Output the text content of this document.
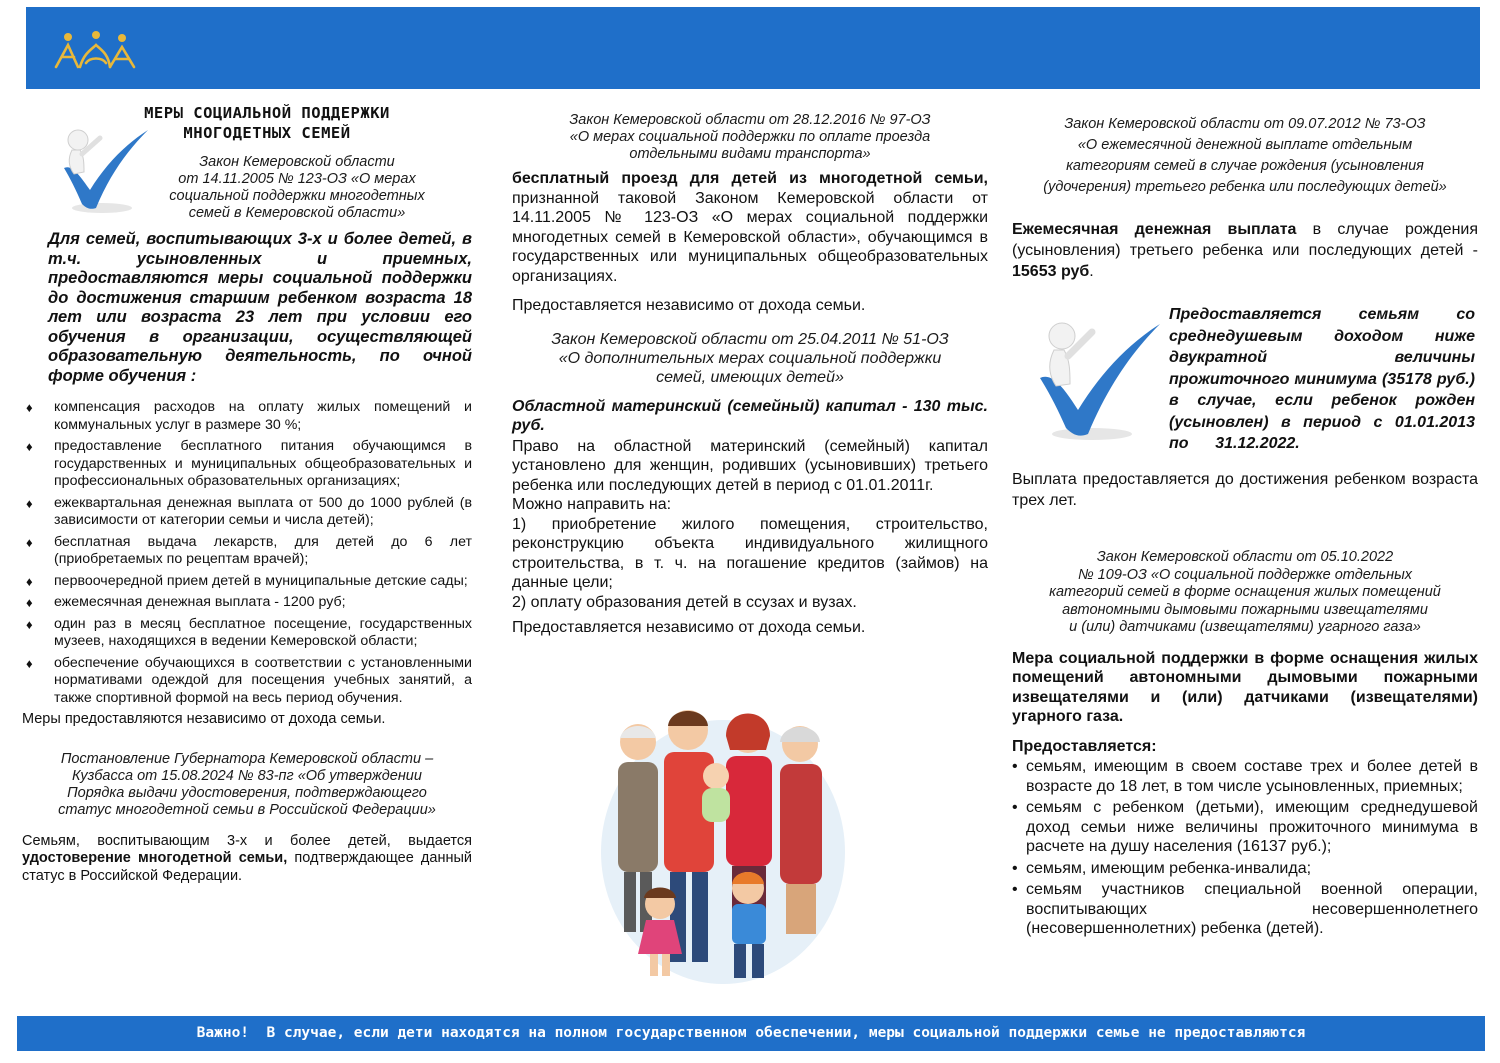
МЕРЫ СОЦИАЛЬНОЙ ПОДДЕРЖКИ
МНОГОДЕТНЫХ СЕМЕЙ
Закон Кемеровской области
от 14.11.2005 № 123-ОЗ «О мерах
социальной поддержки многодетных
семей в Кемеровской области»

Для семей, воспитывающих 3-х и более детей, в т.ч. усыновленных и приемных, предоставляются меры социальной поддержки до достижения старшим ребенком возраста 18 лет или возраста 23 лет при условии его обучения в организации, осуществляющей образовательную деятельность, по очной форме обучения :

♦ компенсация расходов на оплату жилых помещений и коммунальных услуг в размере 30 %;
♦ предоставление бесплатного питания обучающимся в государственных и муниципальных общеобразовательных и профессиональных образовательных организациях;
♦ ежеквартальная денежная выплата от 500 до 1000 рублей (в зависимости от категории семьи и числа детей);
♦ бесплатная выдача лекарств, для детей до 6 лет (приобретаемых по рецептам врачей);
♦ первоочередной прием детей в муниципальные детские сады;
♦ ежемесячная денежная выплата - 1200 руб;
♦ один раз в месяц бесплатное посещение, государственных музеев, находящихся в ведении Кемеровской области;
♦ обеспечение обучающихся в соответствии с установленными нормативами одеждой для посещения учебных занятий, а также спортивной формой на весь период обучения.

Меры предоставляются независимо от дохода семьи.

Постановление Губернатора Кемеровской области –
Кузбасса от 15.08.2024 № 83-пг «Об утверждении
Порядка выдачи удостоверения, подтверждающего
статус многодетной семьи в Российской Федерации»

Семьям, воспитывающим 3-х и более детей, выдается удостоверение многодетной семьи, подтверждающее данный статус в Российской Федерации.

Закон Кемеровской области от 28.12.2016 № 97-ОЗ
«О мерах социальной поддержки по оплате проезда
отдельными видами транспорта»

бесплатный проезд для детей из многодетной семьи, признанной таковой Законом Кемеровской области от 14.11.2005 № 123-ОЗ «О мерах социальной поддержки многодетных семей в Кемеровской области», обучающимся в государственных или муниципальных общеобразовательных организациях.

Предоставляется независимо от дохода семьи.

Закон Кемеровской области от 25.04.2011 № 51-ОЗ
«О дополнительных мерах социальной поддержки
семей, имеющих детей»

Областной материнский (семейный) капитал - 130 тыс. руб.

Право на областной материнский (семейный) капитал установлено для женщин, родивших (усыновивших) третьего ребенка или последующих детей в период с 01.01.2011г.

Можно направить на:

1) приобретение жилого помещения, строительство, реконструкцию объекта индивидуального жилищного строительства, в т. ч. на погашение кредитов (займов) на данные цели;

2) оплату образования детей в ссузах и вузах.

Предоставляется независимо от дохода семьи.

Закон Кемеровской области от 09.07.2012 № 73-ОЗ
«О ежемесячной денежной выплате отдельным
категориям семей в случае рождения (усыновления
(удочерения) третьего ребенка или последующих детей»

Ежемесячная денежная выплата в случае рождения (усыновления) третьего ребенка или последующих детей - 15653 руб.

Предоставляется семьям со среднедушевым доходом ниже двукратной величины прожиточного минимума (35178 руб.) в случае, если ребенок рожден (усыновлен) в период с 01.01.2013

по      31.12.2022.

Выплата предоставляется до достижения ребенком возраста трех лет.

Закон Кемеровской области от 05.10.2022
№ 109-ОЗ «О социальной поддержке отдельных
категорий семей в форме оснащения жилых помещений
автономными дымовыми пожарными извещателями
и (или) датчиками (извещателями) угарного газа»

Мера социальной поддержки в форме оснащения жилых помещений автономными дымовыми пожарными извещателями и (или) датчиками (извещателями) угарного газа.

Предоставляется:

• семьям, имеющим в своем составе трех и более детей в возрасте до 18 лет, в том числе усыновленных, приемных;
• семьям с ребенком (детьми), имеющим среднедушевой доход семьи ниже величины прожиточного минимума в расчете на душу населения (16137 руб.);
• семьям, имеющим ребенка-инвалида;
• семьям участников специальной военной операции, воспитывающих несовершеннолетнего (несовершеннолетних) ребенка (детей).
Важно!  В случае, если дети находятся на полном государственном обеспечении, меры социальной поддержки семье не предоставляются
